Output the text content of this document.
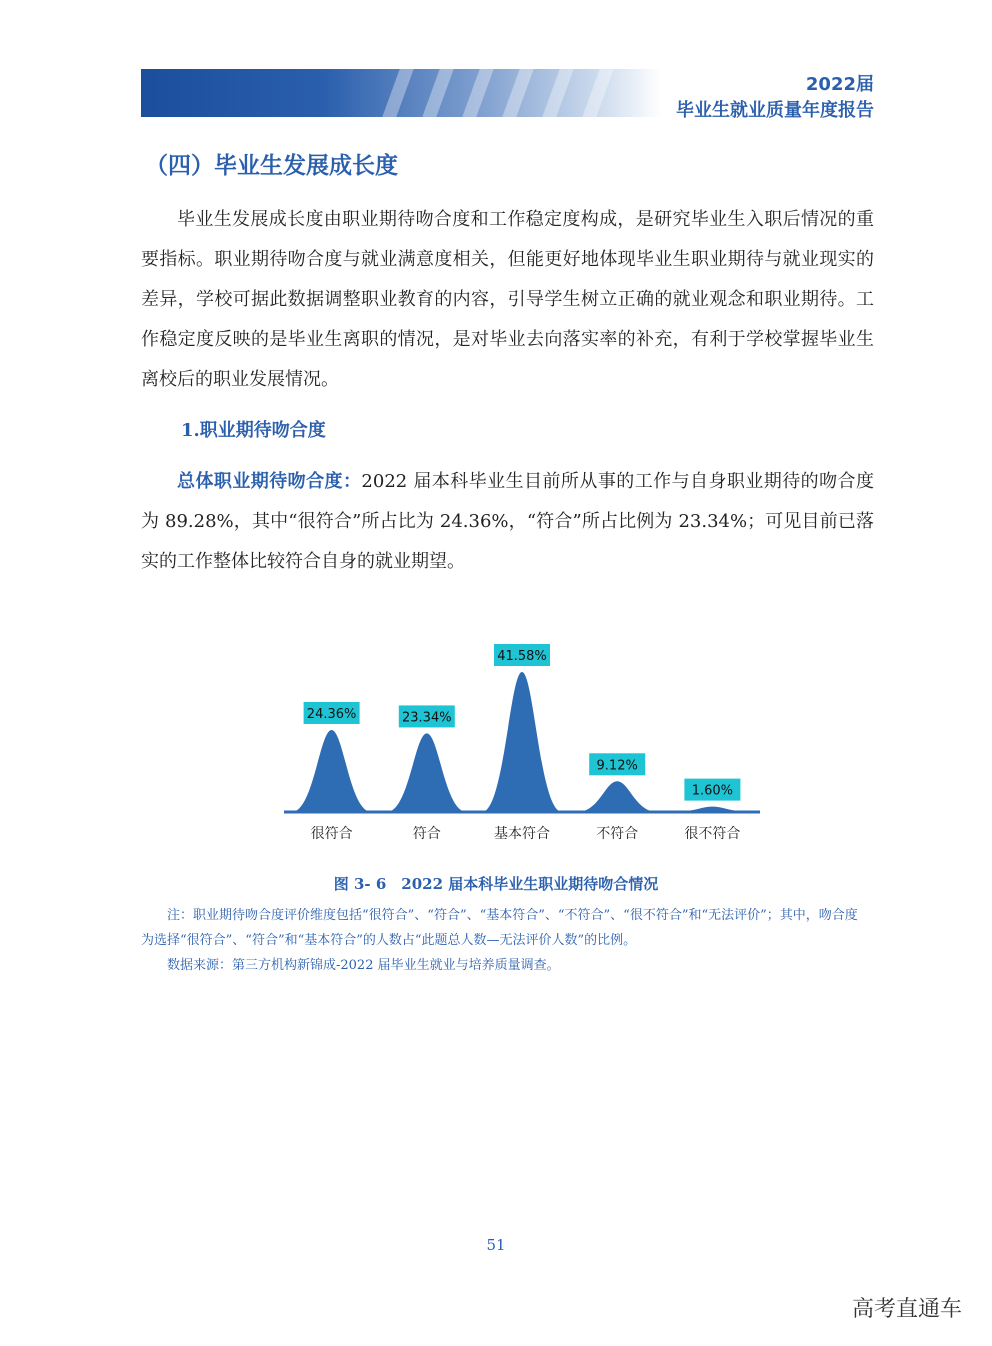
2022届
毕业生就业质量年度报告
（四）毕业生发展成长度

毕业生发展成长度由职业期待吻合度和工作稳定度构成，是研究毕业生入职后情况的重要指标。职业期待吻合度与就业满意度相关，但能更好地体现毕业生职业期待与就业现实的差异，学校可据此数据调整职业教育的内容，引导学生树立正确的就业观念和职业期待。工作稳定度反映的是毕业生离职的情况，是对毕业去向落实率的补充，有利于学校掌握毕业生离校后的职业发展情况。

1.职业期待吻合度

总体职业期待吻合度：2022 届本科毕业生目前所从事的工作与自身职业期待的吻合度为 89.28%，其中“很符合”所占比为 24.36%，“符合”所占比例为 23.34%；可见目前已落实的工作整体比较符合自身的就业期望。

24.36%
很符合
23.34%
符合
41.58%
基本符合
9.12%
不符合
1.60%
很不符合
图 3- 6　2022 届本科毕业生职业期待吻合情况

注：职业期待吻合度评价维度包括“很符合”、“符合”、“基本符合”、“不符合”、“很不符合”和“无法评价”；其中，吻合度为选择“很符合”、“符合”和“基本符合”的人数占“此题总人数—无法评价人数”的比例。

数据来源：第三方机构新锦成-2022 届毕业生就业与培养质量调查。

51
高考直通车
